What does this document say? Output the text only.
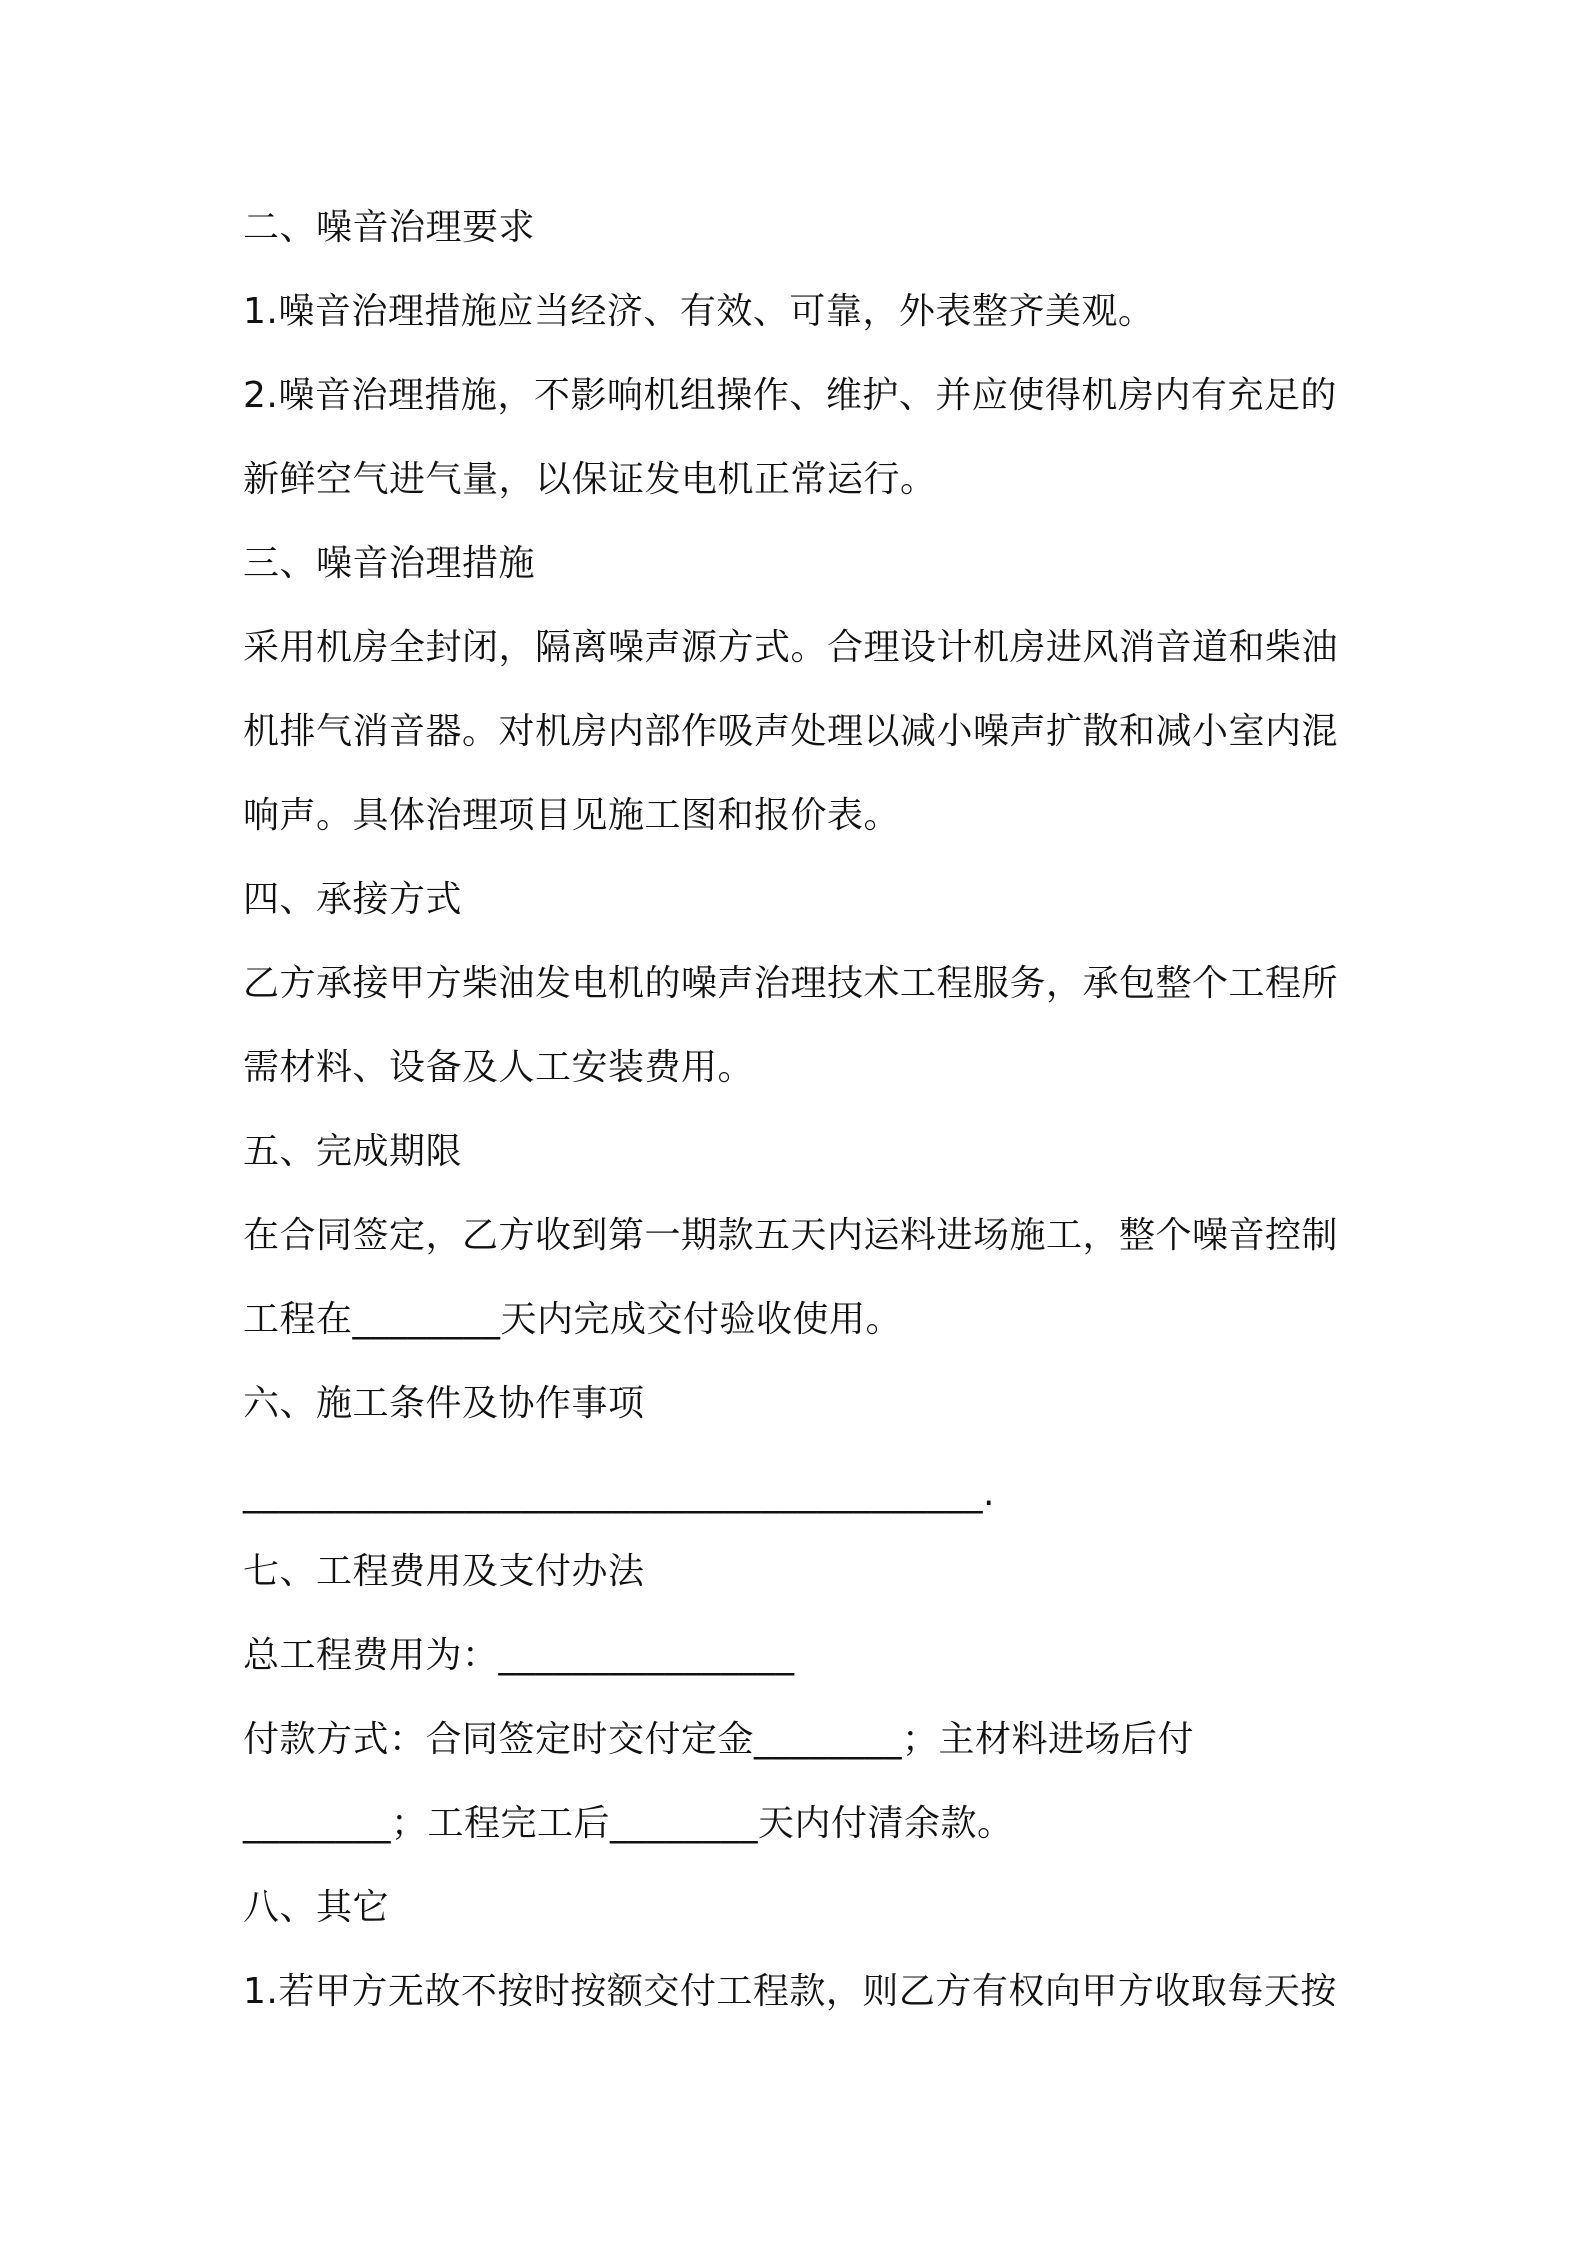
二、噪音治理要求
1.噪音治理措施应当经济、有效、可靠，外表整齐美观。
2.噪音治理措施，不影响机组操作、维护、并应使得机房内有充足的
新鲜空气进气量，以保证发电机正常运行。
三、噪音治理措施
采用机房全封闭，隔离噪声源方式。合理设计机房进风消音道和柴油
机排气消音器。对机房内部作吸声处理以减小噪声扩散和减小室内混
响声。具体治理项目见施工图和报价表。
四、承接方式
乙方承接甲方柴油发电机的噪声治理技术工程服务，承包整个工程所
需材料、设备及人工安装费用。
五、完成期限
在合同签定，乙方收到第一期款五天内运料进场施工，整个噪音控制
工程在________天内完成交付验收使用。
六、施工条件及协作事项
________________________________________.
七、工程费用及支付办法
总工程费用为：________________
付款方式：合同签定时交付定金________；主材料进场后付
________；工程完工后________天内付清余款。
八、其它
1.若甲方无故不按时按额交付工程款，则乙方有权向甲方收取每天按
